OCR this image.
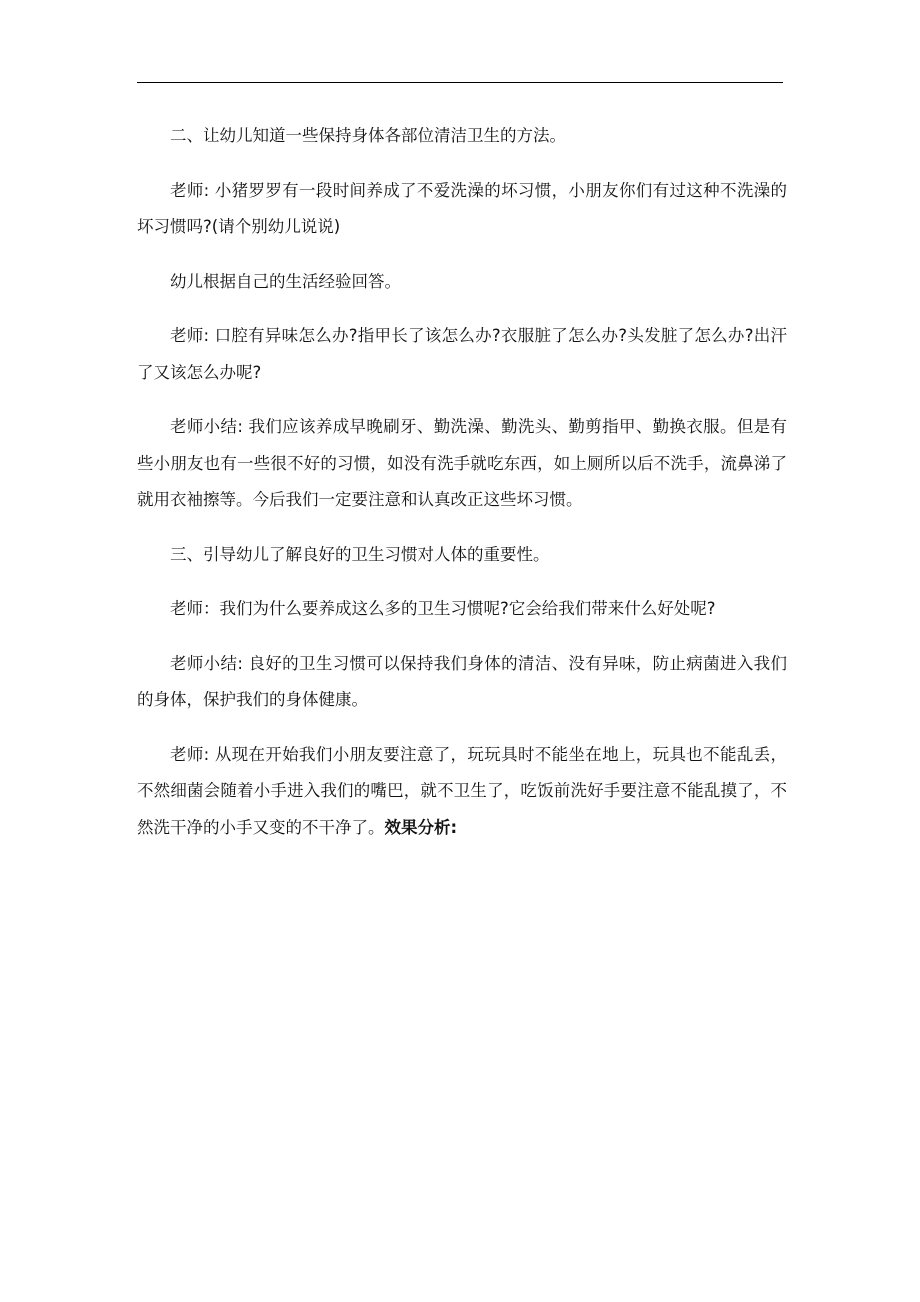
二、让幼儿知道一些保持身体各部位清洁卫生的方法。

老师: 小猪罗罗有一段时间养成了不爱洗澡的坏习惯，小朋友你们有过这种不洗澡的坏习惯吗?(请个别幼儿说说)

幼儿根据自己的生活经验回答。

老师: 口腔有异味怎么办?指甲长了该怎么办?衣服脏了怎么办?头发脏了怎么办?出汗了又该怎么办呢?

老师小结: 我们应该养成早晚刷牙、勤洗澡、勤洗头、勤剪指甲、勤换衣服。但是有些小朋友也有一些很不好的习惯，如没有洗手就吃东西，如上厕所以后不洗手，流鼻涕了就用衣袖擦等。今后我们一定要注意和认真改正这些坏习惯。

三、引导幼儿了解良好的卫生习惯对人体的重要性。

老师：我们为什么要养成这么多的卫生习惯呢?它会给我们带来什么好处呢?

老师小结: 良好的卫生习惯可以保持我们身体的清洁、没有异味，防止病菌进入我们的身体，保护我们的身体健康。

老师: 从现在开始我们小朋友要注意了，玩玩具时不能坐在地上，玩具也不能乱丢，不然细菌会随着小手进入我们的嘴巴，就不卫生了，吃饭前洗好手要注意不能乱摸了，不然洗干净的小手又变的不干净了。效果分析:
